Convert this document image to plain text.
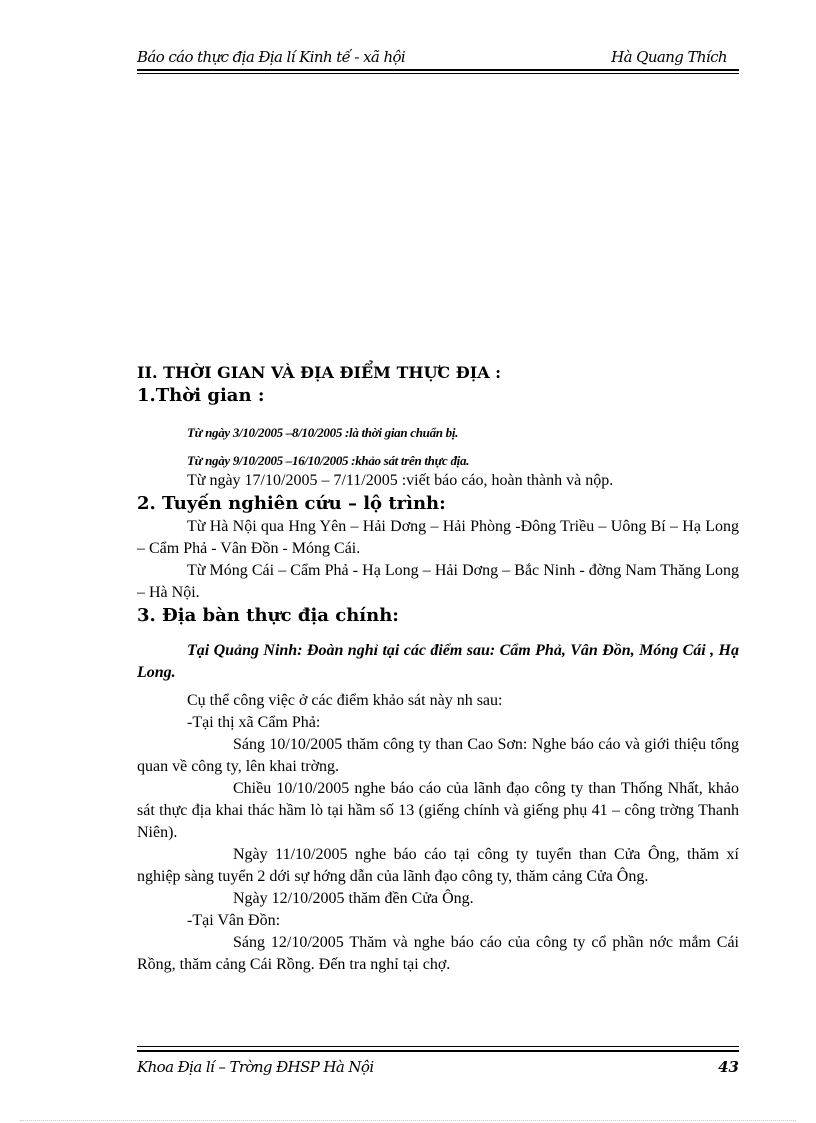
Báo cáo thực địa Địa lí Kinh tế - xã hội	Hà Quang Thích

II. THỜI GIAN VÀ ĐỊA ĐIỂM THỰC ĐỊA :

1.Thời gian :

Từ ngày 3/10/2005 –8/10/2005 :là thời gian chuẩn bị.

Từ ngày 9/10/2005 –16/10/2005 :khảo sát trên thực địa.

Từ ngày 17/10/2005 – 7/11/2005 :viết báo cáo, hoàn thành và nộp.

2. Tuyến nghiên cứu – lộ trình:

Từ Hà Nội qua Hng Yên – Hải Dơng – Hải Phòng -Đông Triều – Uông Bí – Hạ Long – Cẩm Phả - Vân Đồn - Móng Cái.

Từ Móng Cái – Cẩm Phả - Hạ Long – Hải Dơng – Bắc Ninh - đờng Nam Thăng Long – Hà Nội.

3. Địa bàn thực địa chính:

Tại Quảng Ninh: Đoàn nghỉ tại các điểm sau: Cẩm Phả, Vân Đồn, Móng Cái , Hạ Long.

Cụ thể công việc ở các điểm khảo sát này nh sau:

-Tại thị xã Cẩm Phả:

Sáng 10/10/2005 thăm công ty than Cao Sơn: Nghe báo cáo và giới thiệu tổng quan về công ty, lên khai trờng.

Chiều 10/10/2005 nghe báo cáo của lãnh đạo công ty than Thống Nhất, khảo sát thực địa khai thác hầm lò tại hầm số 13 (giếng chính và giếng phụ 41 – công trờng Thanh Niên).

Ngày 11/10/2005 nghe báo cáo tại công ty tuyển than Cửa Ông, thăm xí nghiệp sàng tuyển 2 dới sự hớng dẫn của lãnh đạo công ty, thăm cảng Cửa Ông.

Ngày 12/10/2005 thăm đền Cửa Ông.

-Tại Vân Đồn:

Sáng 12/10/2005 Thăm và nghe báo cáo của công ty cổ phần nớc mắm Cái Rồng, thăm cảng Cái Rồng. Đến tra nghỉ tại chợ.

Khoa Địa lí – Trờng ĐHSP Hà Nội	43
